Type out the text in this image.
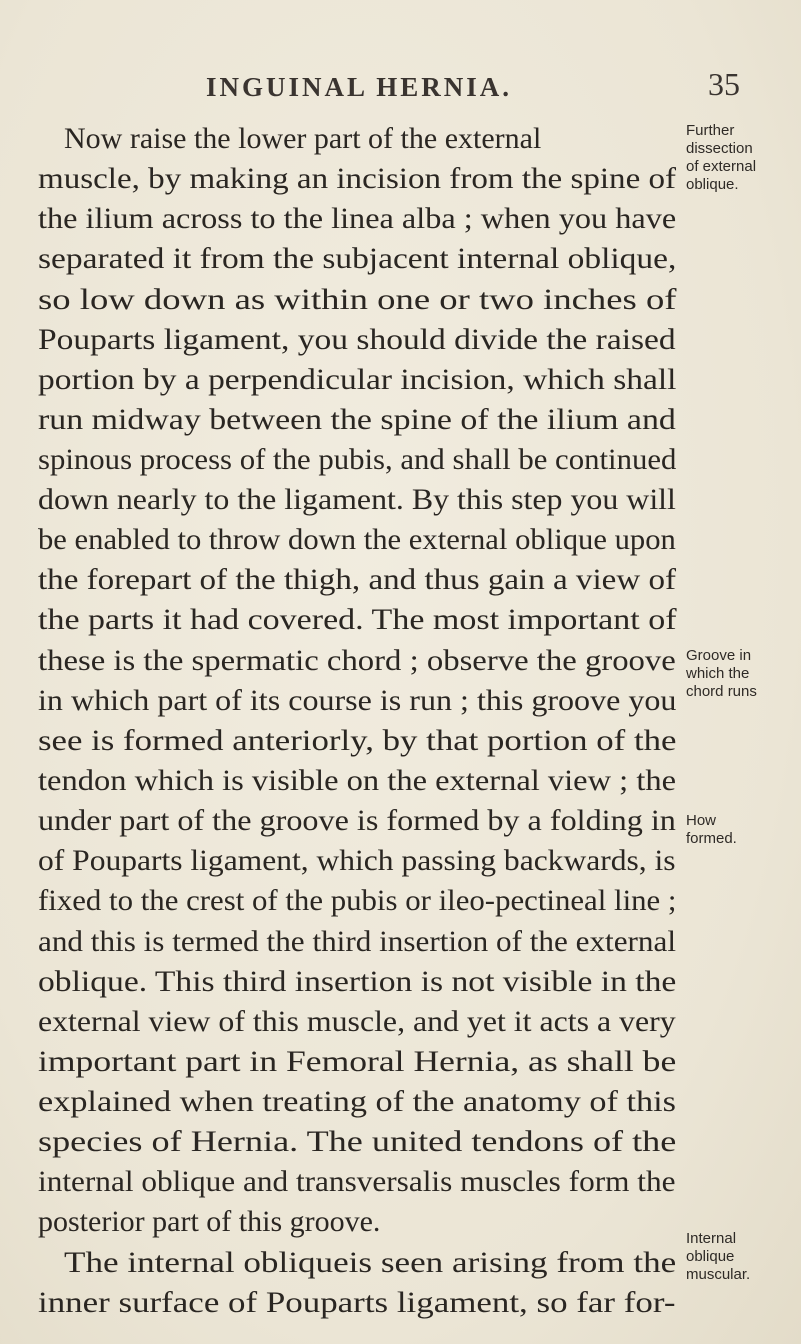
INGUINAL HERNIA.	35
Now raise the lower part of the external
muscle, by making an incision from the spine of
the ilium across to the linea alba ; when you have
separated it from the subjacent internal oblique,
so low down as within one or two inches of
Pouparts ligament, you should divide the raised
portion by a perpendicular incision, which shall
run midway between the spine of the ilium and
spinous process of the pubis, and shall be continued
down nearly to the ligament. By this step you will
be enabled to throw down the external oblique upon
the forepart of the thigh, and thus gain a view of
the parts it had covered. The most important of
these is the spermatic chord ; observe the groove
in which part of its course is run ; this groove you
see is formed anteriorly, by that portion of the
tendon which is visible on the external view ; the
under part of the groove is formed by a folding in
of Pouparts ligament, which passing backwards, is
fixed to the crest of the pubis or ileo-pectineal line ;
and this is termed the third insertion of the external
oblique. This third insertion is not visible in the
external view of this muscle, and yet it acts a very
important part in Femoral Hernia, as shall be
explained when treating of the anatomy of this
species of Hernia. The united tendons of the
internal oblique and transversalis muscles form the
posterior part of this groove.
The internal obliqueis seen arising from the
inner surface of Pouparts ligament, so far for-
Further
dissection
of external
oblique.
Groove in
which the
chord runs
How
formed.
Internal
oblique
muscular.
